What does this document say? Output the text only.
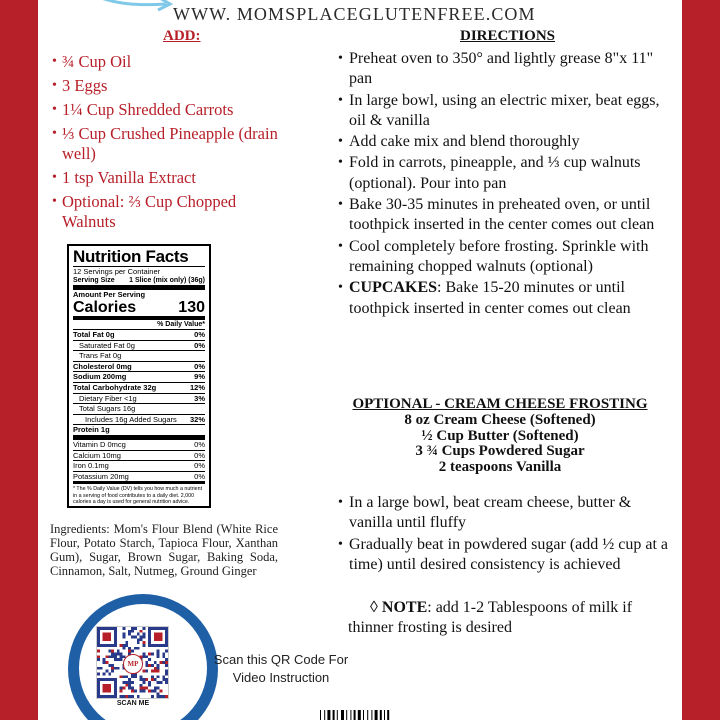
WWW. MOMSPLACEGLUTENFREE.COM
ADD:
• ¾ Cup Oil
• 3 Eggs
• 1¼ Cup Shredded Carrots
• ⅓ Cup Crushed Pineapple (drain well)
• 1 tsp Vanilla Extract
• Optional: ⅔ Cup Chopped Walnuts
Nutrition Facts
12 Servings per Container
Serving Size 1 Slice (mix only) (36g)
Amount Per Serving
Calories	130
% Daily Value*
Total Fat 0g	0%
Saturated Fat 0g	0%
Trans Fat 0g
Cholesterol 0mg	0%
Sodium 200mg	9%
Total Carbohydrate 32g	12%
Dietary Fiber <1g	3%
Total Sugars 16g
Includes 16g Added Sugars 32%
Protein 1g
Vitamin D 0mcg	0%
Calcium 10mg	0%
Iron 0.1mg	0%
Potassium 20mg	0%
* The % Daily Value (DV) tells you how much a nutrient in a serving of food contributes to a daily diet. 2,000 calories a day is used for general nutrition advice.
Ingredients: Mom's Flour Blend (White Rice Flour, Potato Starch, Tapioca Flour, Xanthan Gum), Sugar, Brown Sugar, Baking Soda, Cinnamon, Salt, Nutmeg, Ground Ginger
MP
SCAN ME
Scan this QR Code For Video Instruction
DIRECTIONS
• Preheat oven to 350° and lightly grease 8"x 11" pan
• In large bowl, using an electric mixer, beat eggs, oil & vanilla
• Add cake mix and blend thoroughly
• Fold in carrots, pineapple, and ⅓ cup walnuts (optional). Pour into pan
• Bake 30-35 minutes in preheated oven, or until toothpick inserted in the center comes out clean
• Cool completely before frosting. Sprinkle with remaining chopped walnuts (optional)
• CUPCAKES: Bake 15-20 minutes or until toothpick inserted in center comes out clean
OPTIONAL - CREAM CHEESE FROSTING
8 oz Cream Cheese (Softened)
½ Cup Butter (Softened)
3 ¾ Cups Powdered Sugar
2 teaspoons Vanilla
• In a large bowl, beat cream cheese, butter & vanilla until fluffy
• Gradually beat in powdered sugar (add ½ cup at a time) until desired consistency is achieved
◊ NOTE: add 1-2 Tablespoons of milk if thinner frosting is desired
